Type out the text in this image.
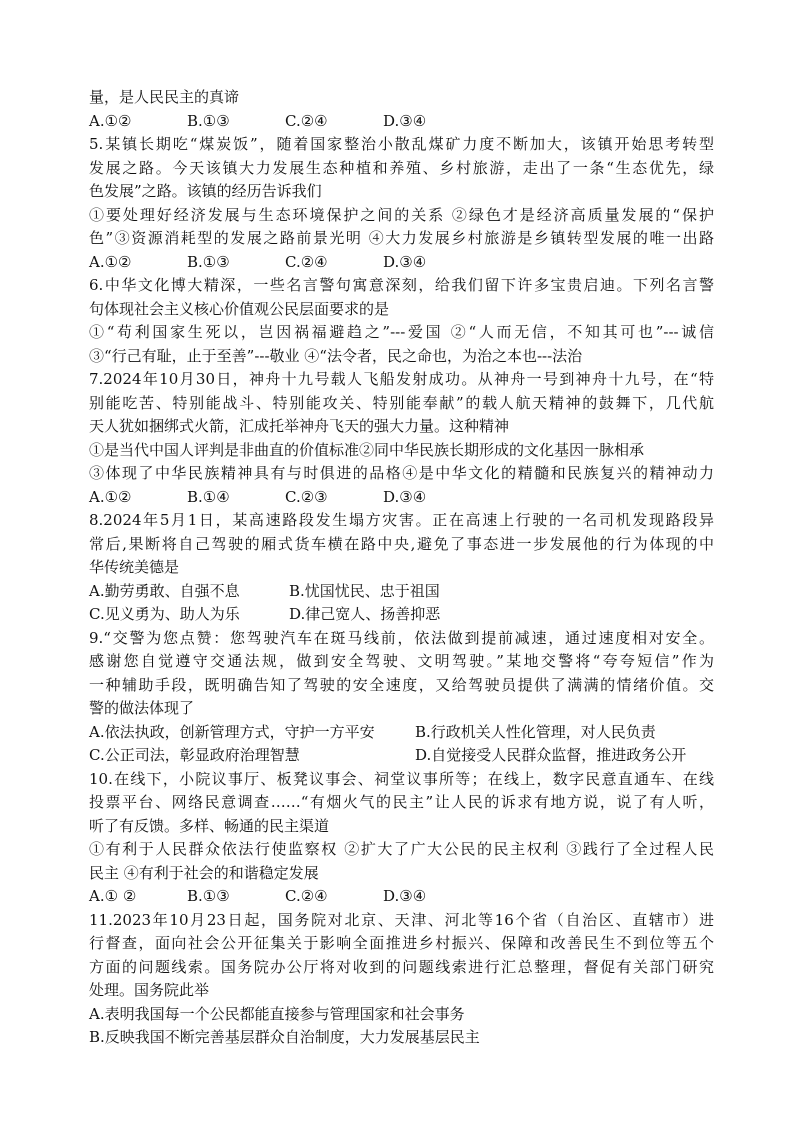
量，是人民民主的真谛
A.①②	B.①③	C.②④	D.③④
5.某镇长期吃“煤炭饭”，随着国家整治小散乱煤矿力度不断加大，该镇开始思考转型
发展之路。今天该镇大力发展生态种植和养殖、乡村旅游，走出了一条“生态优先，绿
色发展”之路。该镇的经历告诉我们
①要处理好经济发展与生态环境保护之间的关系 ②绿色才是经济高质量发展的“保护
色”③资源消耗型的发展之路前景光明 ④大力发展乡村旅游是乡镇转型发展的唯一出路
A.①②	B.①③	C.②④	D.③④
6.中华文化博大精深，一些名言警句寓意深刻，给我们留下许多宝贵启迪。下列名言警
句体现社会主义核心价值观公民层面要求的是
①“苟利国家生死以，岂因祸福避趋之”---爱国 ②“人而无信，不知其可也”---诚信
③“行己有耻，止于至善”---敬业 ④“法令者，民之命也，为治之本也---法治
7.2024年10月30日，神舟十九号载人飞船发射成功。从神舟一号到神舟十九号，在“特
别能吃苦、特别能战斗、特别能攻关、特别能奉献”的载人航天精神的鼓舞下，几代航
天人犹如捆绑式火箭，汇成托举神舟飞天的强大力量。这种精神
①是当代中国人评判是非曲直的价值标准②同中华民族长期形成的文化基因一脉相承
③体现了中华民族精神具有与时俱进的品格④是中华文化的精髓和民族复兴的精神动力
A.①②	B.①④	C.②③	D.③④
8.2024年5月1日，某高速路段发生塌方灾害。正在高速上行驶的一名司机发现路段异
常后,果断将自己驾驶的厢式货车横在路中央,避免了事态进一步发展他的行为体现的中
华传统美德是
A.勤劳勇敢、自强不息	B.忧国忧民、忠于祖国
C.见义勇为、助人为乐	D.律己宽人、扬善抑恶
9.“交警为您点赞：您驾驶汽车在斑马线前，依法做到提前减速，通过速度相对安全。
感谢您自觉遵守交通法规，做到安全驾驶、文明驾驶。”某地交警将“夸夸短信”作为
一种辅助手段，既明确告知了驾驶的安全速度，又给驾驶员提供了满满的情绪价值。交
警的做法体现了
A.依法执政，创新管理方式，守护一方平安	B.行政机关人性化管理，对人民负责
C.公正司法，彰显政府治理智慧	D.自觉接受人民群众监督，推进政务公开
10.在线下，小院议事厅、板凳议事会、祠堂议事所等；在线上，数字民意直通车、在线
投票平台、网络民意调查……“有烟火气的民主”让人民的诉求有地方说，说了有人听，
听了有反馈。多样、畅通的民主渠道
①有利于人民群众依法行使监察权 ②扩大了广大公民的民主权利 ③践行了全过程人民
民主 ④有利于社会的和谐稳定发展
A.① ②	B.①③	C.②④	D.③④
11.2023年10月23日起，国务院对北京、天津、河北等16个省（自治区、直辖市）进
行督查，面向社会公开征集关于影响全面推进乡村振兴、保障和改善民生不到位等五个
方面的问题线索。国务院办公厅将对收到的问题线索进行汇总整理，督促有关部门研究
处理。国务院此举
A.表明我国每一个公民都能直接参与管理国家和社会事务
B.反映我国不断完善基层群众自治制度，大力发展基层民主
